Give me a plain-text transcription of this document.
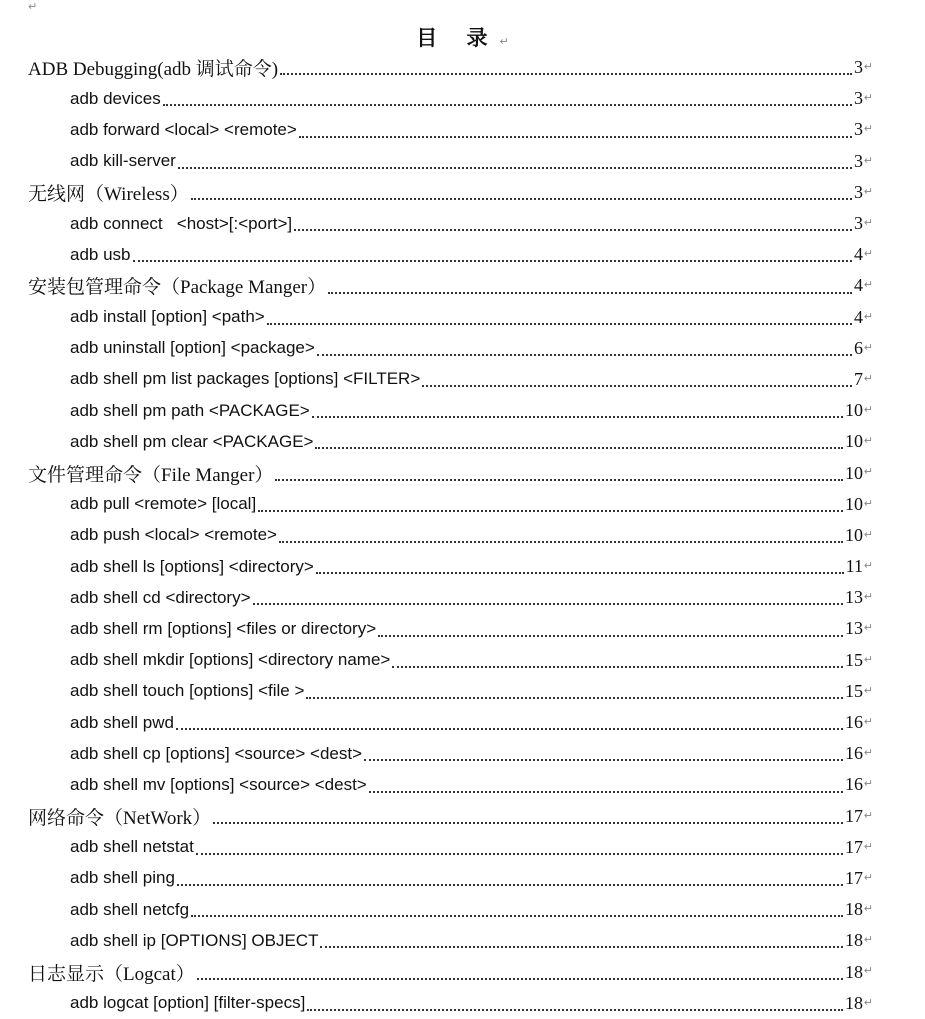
↵
目 录↵
ADB Debugging(adb 调试命令)	3 ↵
adb devices	3 ↵
adb forward <local> <remote>	3 ↵
adb kill-server	3 ↵
无线网（Wireless）	3 ↵
adb connect   <host>[:<port>]	3 ↵
adb usb	4 ↵
安装包管理命令（Package Manger）	4 ↵
adb install [option] <path>	4 ↵
adb uninstall [option] <package>	6 ↵
adb shell pm list packages [options] <FILTER>	7 ↵
adb shell pm path <PACKAGE>	10 ↵
adb shell pm clear <PACKAGE>	10 ↵
文件管理命令（File Manger）	10 ↵
adb pull <remote> [local]	10 ↵
adb push <local> <remote>	10 ↵
adb shell ls [options] <directory>	11 ↵
adb shell cd <directory>	13 ↵
adb shell rm [options] <files or directory>	13 ↵
adb shell mkdir [options] <directory name>	15 ↵
adb shell touch [options] <file >	15 ↵
adb shell pwd	16 ↵
adb shell cp [options] <source> <dest>	16 ↵
adb shell mv [options] <source> <dest>	16 ↵
网络命令（NetWork）	17 ↵
adb shell netstat	17 ↵
adb shell ping	17 ↵
adb shell netcfg	18 ↵
adb shell ip [OPTIONS] OBJECT	18 ↵
日志显示（Logcat）	18 ↵
adb logcat [option] [filter-specs]	18 ↵
